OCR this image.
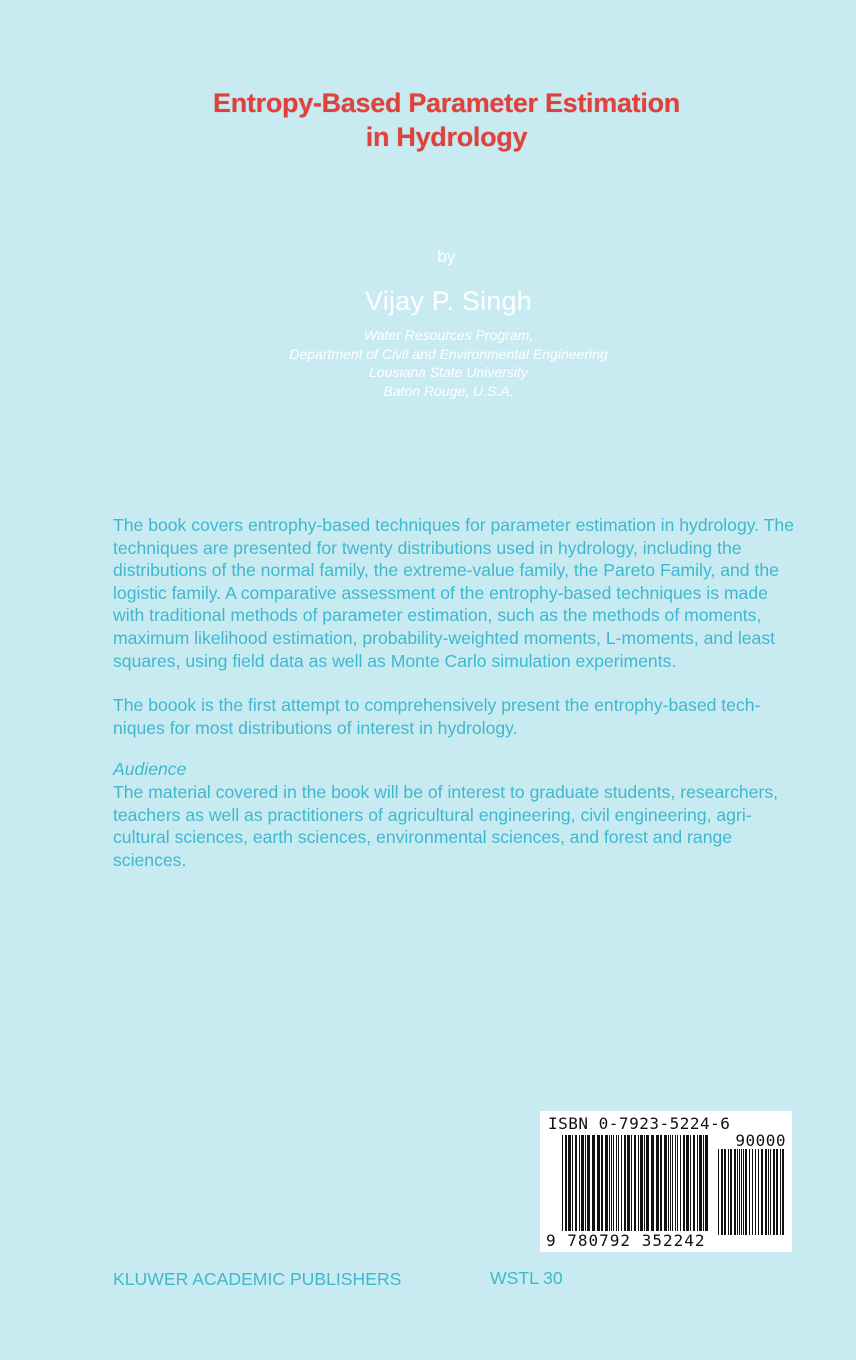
Entropy-Based Parameter Estimation
in Hydrology
by
Vijay P. Singh
Water Resources Program,
Department of Civil and Environmental Engineering
Lousiana State University
Baton Rouge, U.S.A.
The book covers entrophy-based techniques for parameter estimation in hydrology. The techniques are presented for twenty distributions used in hydrology, including the distributions of the normal family, the extreme-value family, the Pareto Family, and the logistic family. A comparative assessment of the entrophy-based techniques is made with traditional methods of parameter estimation, such as the methods of moments, maximum likelihood estimation, probability-weighted moments, L-moments, and least squares, using field data as well as Monte Carlo simulation experiments.
The boook is the first attempt to comprehensively present the entrophy-based tech-niques for most distributions of interest in hydrology.
Audience
The material covered in the book will be of interest to graduate students, researchers, teachers as well as practitioners of agricultural engineering, civil engineering, agri-cultural sciences, earth sciences, environmental sciences, and forest and range sciences.
ISBN 0-7923-5224-6
90000
9 780792 352242
KLUWER ACADEMIC PUBLISHERS	WSTL 30
